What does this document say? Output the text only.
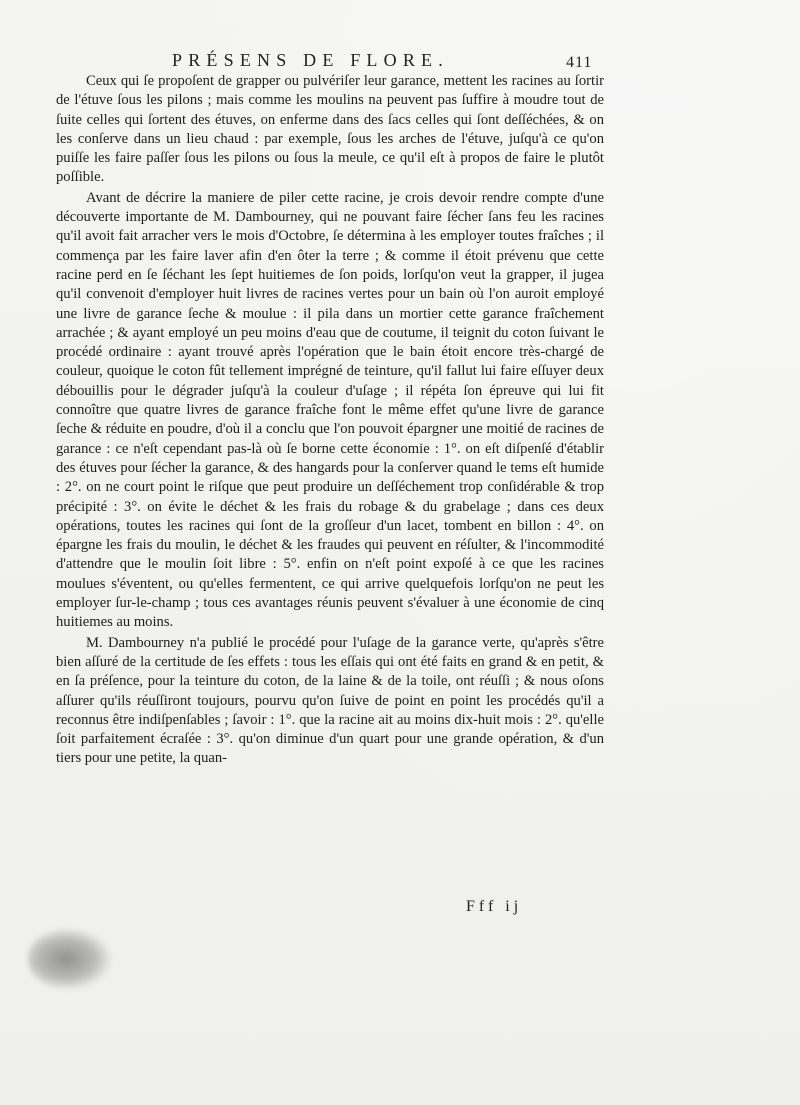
PRÉSENS DE FLORE.	411

Ceux qui ſe propoſent de grapper ou pulvériſer leur garance, mettent les racines au ſortir de l'étuve ſous les pilons ; mais comme les moulins na peuvent pas ſuffire à moudre tout de ſuite celles qui ſortent des étuves, on enferme dans des ſacs celles qui ſont deſſéchées, & on les conſerve dans un lieu chaud : par exemple, ſous les arches de l'étuve, juſqu'à ce qu'on puiſſe les faire paſſer ſous les pilons ou ſous la meule, ce qu'il eſt à propos de faire le plutôt poſſible.

Avant de décrire la maniere de piler cette racine, je crois devoir rendre compte d'une découverte importante de M. Dambourney, qui ne pouvant faire ſécher ſans feu les racines qu'il avoit fait arracher vers le mois d'Octobre, ſe détermina à les employer toutes fraîches ; il commença par les faire laver afin d'en ôter la terre ; & comme il étoit prévenu que cette racine perd en ſe ſéchant les ſept huitiemes de ſon poids, lorſqu'on veut la grapper, il jugea qu'il convenoit d'employer huit livres de racines vertes pour un bain où l'on auroit employé une livre de garance ſeche & moulue : il pila dans un mortier cette garance fraîchement arrachée ; & ayant employé un peu moins d'eau que de coutume, il teignit du coton ſuivant le procédé ordinaire : ayant trouvé après l'opération que le bain étoit encore très-chargé de couleur, quoique le coton fût tellement imprégné de teinture, qu'il fallut lui faire eſſuyer deux débouillis pour le dégrader juſqu'à la couleur d'uſage ; il répéta ſon épreuve qui lui fit connoître que quatre livres de garance fraîche font le même effet qu'une livre de garance ſeche & réduite en poudre, d'où il a conclu que l'on pouvoit épargner une moitié de racines de garance : ce n'eſt cependant pas-là où ſe borne cette économie : 1°. on eſt diſpenſé d'établir des étuves pour ſécher la garance, & des hangards pour la conſerver quand le tems eſt humide : 2°. on ne court point le riſque que peut produire un deſſéchement trop conſidérable & trop précipité : 3°. on évite le déchet & les frais du robage & du grabelage ; dans ces deux opérations, toutes les racines qui ſont de la groſſeur d'un lacet, tombent en billon : 4°. on épargne les frais du moulin, le déchet & les fraudes qui peuvent en réſulter, & l'incommodité d'attendre que le moulin ſoit libre : 5°. enfin on n'eſt point expoſé à ce que les racines moulues s'éventent, ou qu'elles fermentent, ce qui arrive quelquefois lorſqu'on ne peut les employer ſur-le-champ ; tous ces avantages réunis peuvent s'évaluer à une économie de cinq huitiemes au moins.

M. Dambourney n'a publié le procédé pour l'uſage de la garance verte, qu'après s'être bien aſſuré de la certitude de ſes effets : tous les eſſais qui ont été faits en grand & en petit, & en ſa préſence, pour la teinture du coton, de la laine & de la toile, ont réuſſi ; & nous oſons aſſurer qu'ils réuſſiront toujours, pourvu qu'on ſuive de point en point les procédés qu'il a reconnus être indiſpenſables ; ſavoir : 1°. que la racine ait au moins dix-huit mois : 2°. qu'elle ſoit parfaitement écraſée : 3°. qu'on diminue d'un quart pour une grande opération, & d'un tiers pour une petite, la quan-

Fff ij
